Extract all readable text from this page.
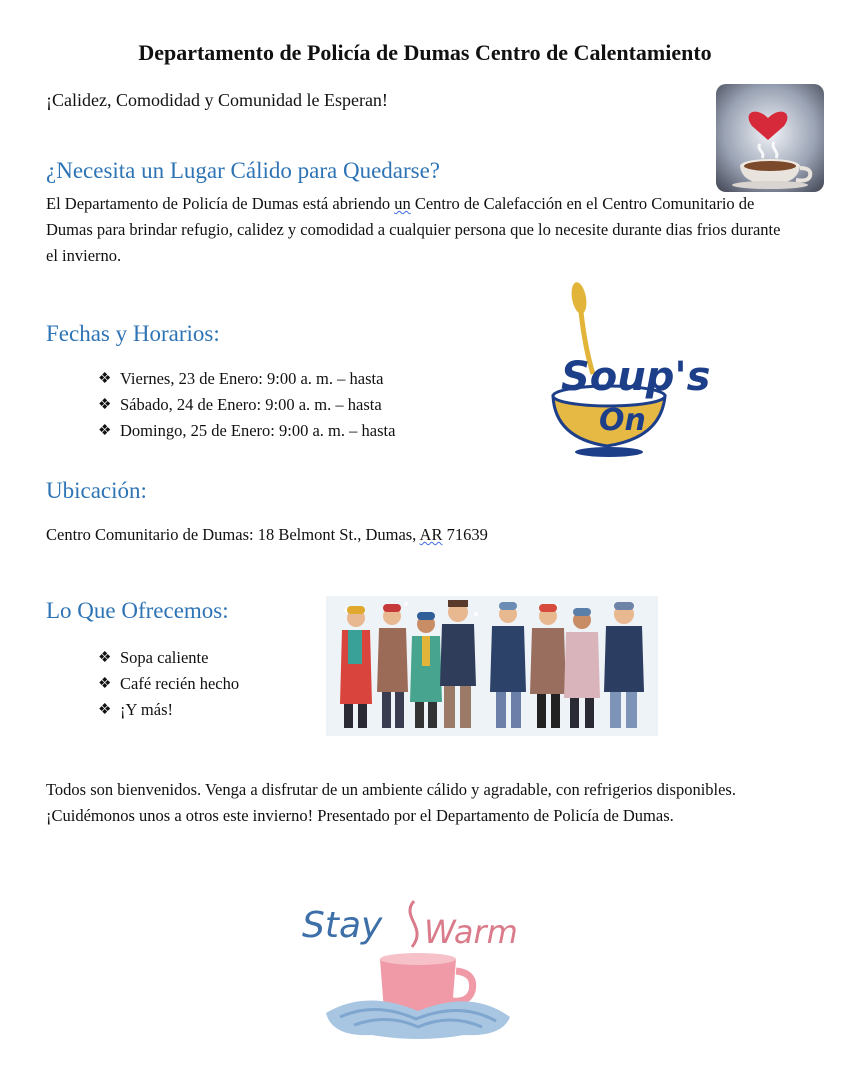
Departamento de Policía de Dumas Centro de Calentamiento
¡Calidez, Comodidad y Comunidad le Esperan!
¿Necesita un Lugar Cálido para Quedarse?
El Departamento de Policía de Dumas está abriendo un Centro de Calefacción en el Centro Comunitario de Dumas para brindar refugio, calidez y comodidad a cualquier persona que lo necesite durante dias frios durante el invierno.
Fechas y Horarios:
❖ Viernes, 23 de Enero: 9:00 a. m. – hasta
❖ Sábado, 24 de Enero: 9:00 a. m. – hasta
❖ Domingo, 25 de Enero: 9:00 a. m. – hasta
Soup's
On
Soup's On
Ubicación:
Centro Comunitario de Dumas: 18 Belmont St., Dumas, AR 71639
Lo Que Ofrecemos:
❖ Sopa caliente
❖ Café recién hecho
❖ ¡Y más!
Todos son bienvenidos. Venga a disfrutar de un ambiente cálido y agradable, con refrigerios disponibles. ¡Cuidémonos unos a otros este invierno! Presentado por el Departamento de Policía de Dumas.
Stay Warm
